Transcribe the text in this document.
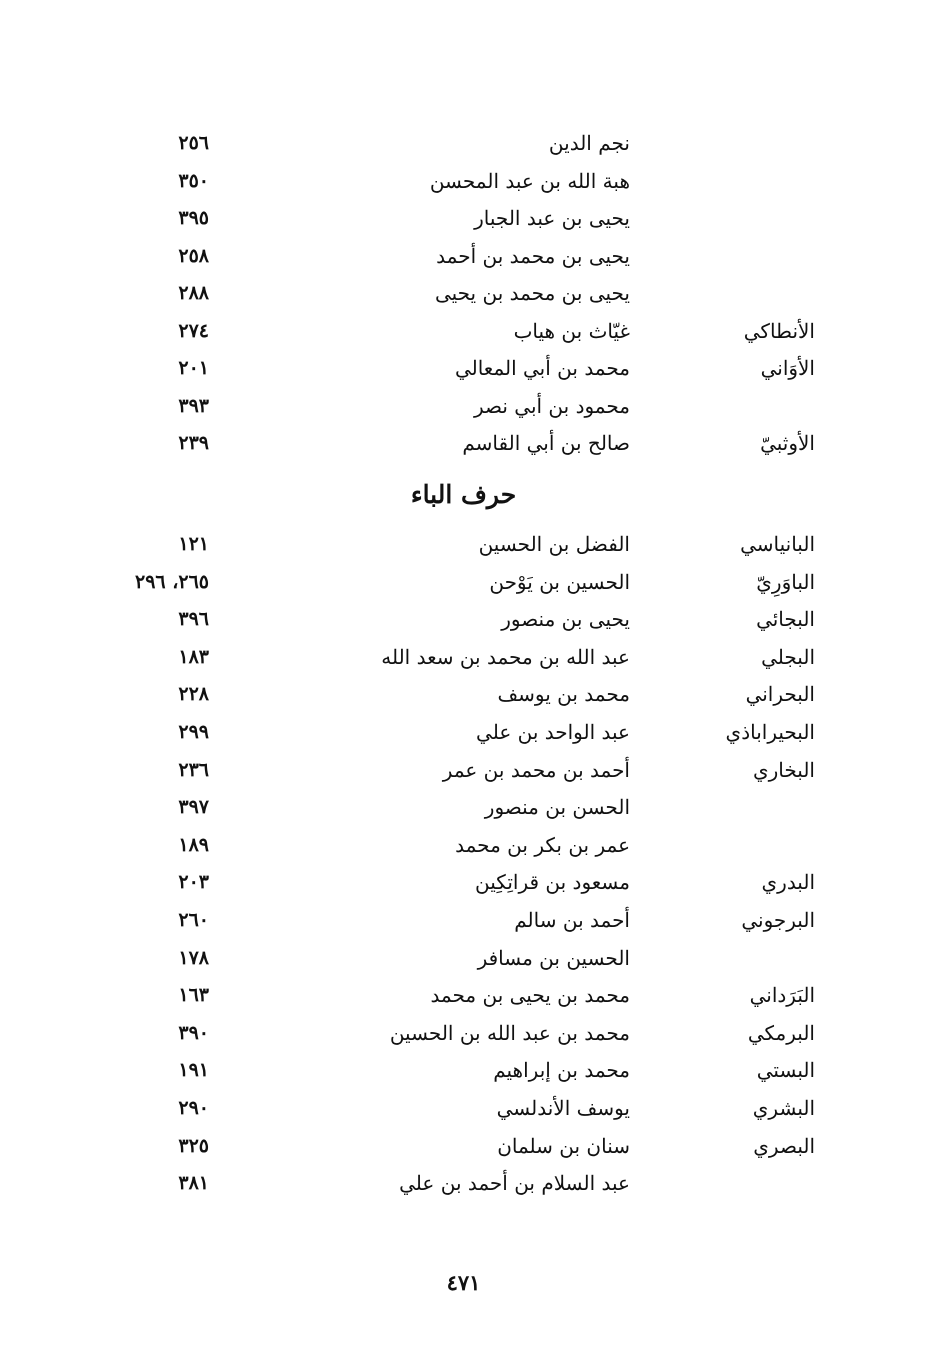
نجم الدين
٢٥٦
هبة الله بن عبد المحسن
٣٥٠
يحيى بن عبد الجبار
٣٩٥
يحيى بن محمد بن أحمد
٢٥٨
يحيى بن محمد بن يحيى
٢٨٨
الأنطاكي
غيّاث بن هياب
٢٧٤
الأوَاني
محمد بن أبي المعالي
٢٠١
محمود بن أبي نصر
٣٩٣
الأوثبيّ
صالح بن أبي القاسم
٢٣٩
حرف الباء
البانياسي
الفضل بن الحسين
١٢١
الباوَرِيّ
الحسين بن يَوْحن
٢٦٥، ٢٩٦
البجائي
يحيى بن منصور
٣٩٦
البجلي
عبد الله بن محمد بن سعد الله
١٨٣
البحراني
محمد بن يوسف
٢٢٨
البحيراباذي
عبد الواحد بن علي
٢٩٩
البخاري
أحمد بن محمد بن عمر
٢٣٦
الحسن بن منصور
٣٩٧
عمر بن بكر بن محمد
١٨٩
البدري
مسعود بن قراتِكِين
٢٠٣
البرجوني
أحمد بن سالم
٢٦٠
الحسين بن مسافر
١٧٨
البَرَداني
محمد بن يحيى بن محمد
١٦٣
البرمكي
محمد بن عبد الله بن الحسين
٣٩٠
البستي
محمد بن إبراهيم
١٩١
البشري
يوسف الأندلسي
٢٩٠
البصري
سنان بن سلمان
٣٢٥
عبد السلام بن أحمد بن علي
٣٨١
٤٧١
